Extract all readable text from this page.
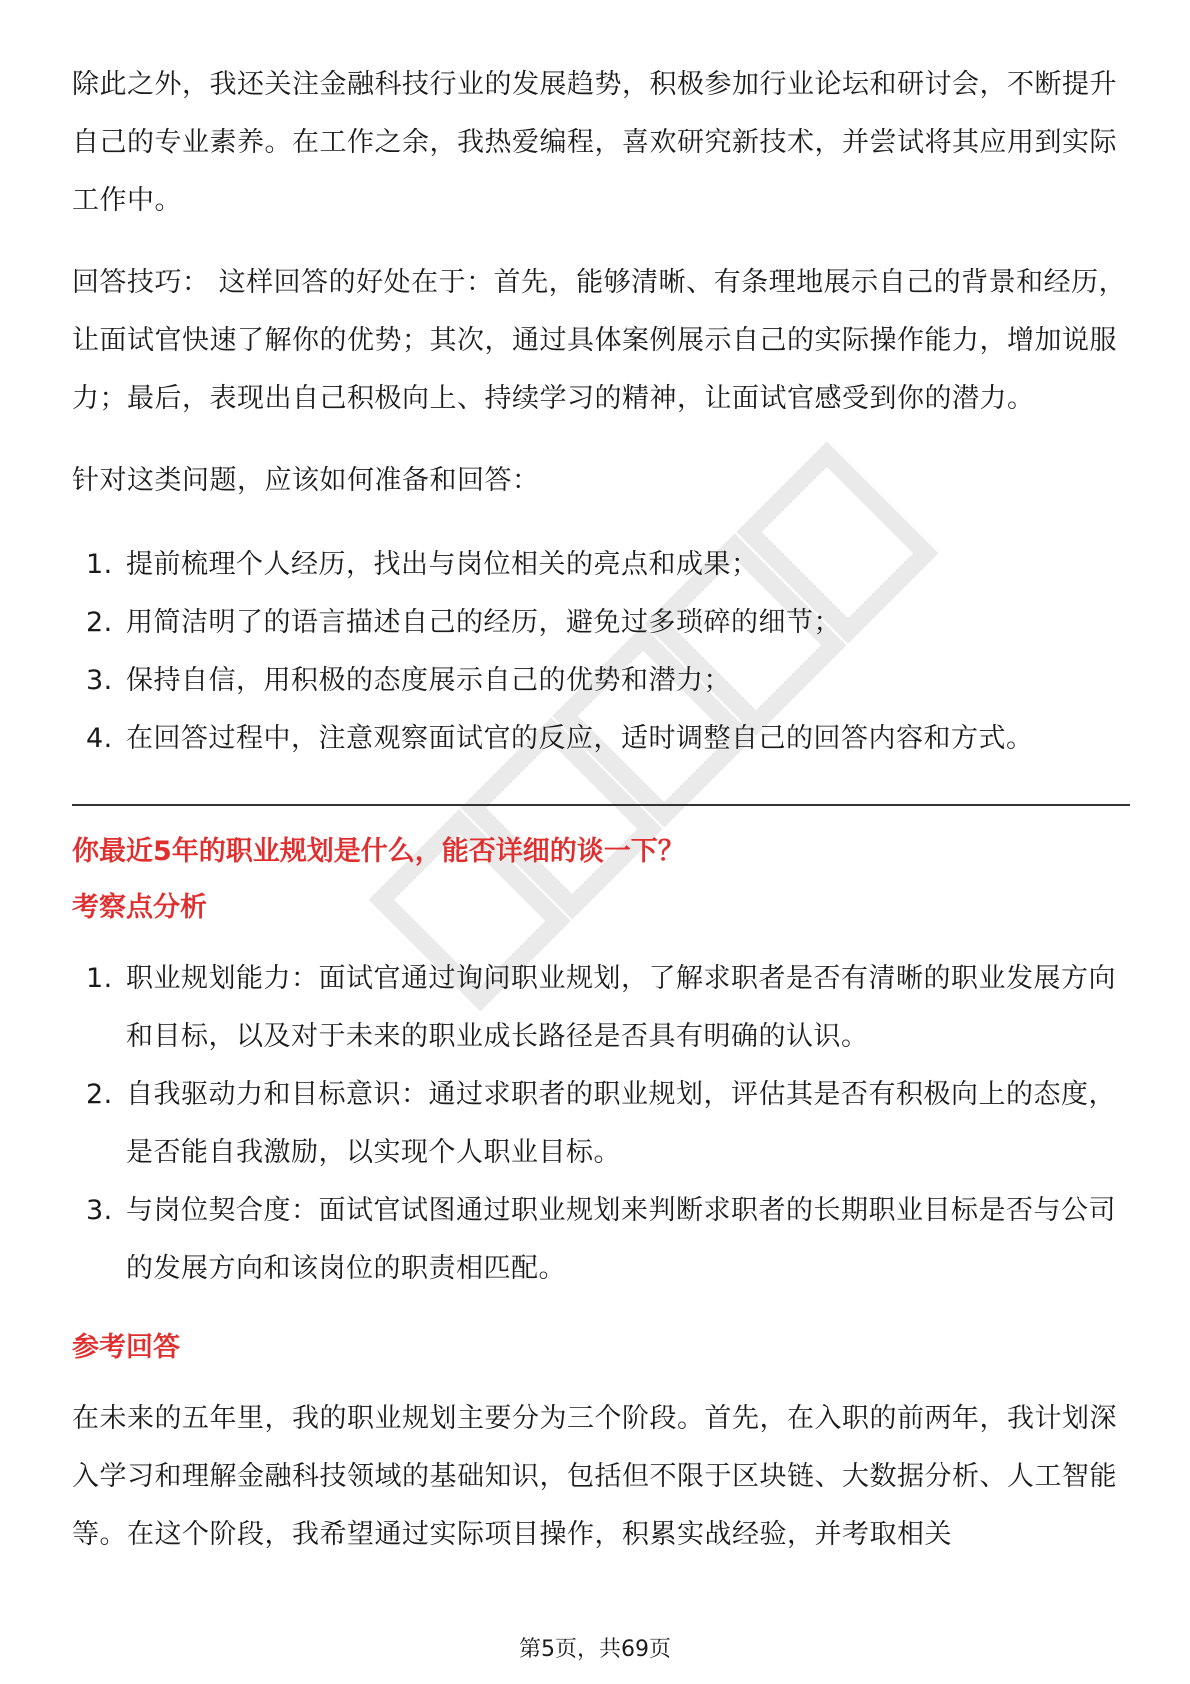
除此之外，我还关注金融科技行业的发展趋势，积极参加行业论坛和研讨会，不断提升自己的专业素养。在工作之余，我热爱编程，喜欢研究新技术，并尝试将其应用到实际工作中。

回答技巧： 这样回答的好处在于：首先，能够清晰、有条理地展示自己的背景和经历，让面试官快速了解你的优势；其次，通过具体案例展示自己的实际操作能力，增加说服力；最后，表现出自己积极向上、持续学习的精神，让面试官感受到你的潜力。

针对这类问题，应该如何准备和回答：

1. 提前梳理个人经历，找出与岗位相关的亮点和成果；
2. 用简洁明了的语言描述自己的经历，避免过多琐碎的细节；
3. 保持自信，用积极的态度展示自己的优势和潜力；
4. 在回答过程中，注意观察面试官的反应，适时调整自己的回答内容和方式。

你最近5年的职业规划是什么，能否详细的谈一下？

考察点分析

1. 职业规划能力：面试官通过询问职业规划，了解求职者是否有清晰的职业发展方向和目标，以及对于未来的职业成长路径是否具有明确的认识。
2. 自我驱动力和目标意识：通过求职者的职业规划，评估其是否有积极向上的态度，是否能自我激励，以实现个人职业目标。
3. 与岗位契合度：面试官试图通过职业规划来判断求职者的长期职业目标是否与公司的发展方向和该岗位的职责相匹配。

参考回答

在未来的五年里，我的职业规划主要分为三个阶段。首先，在入职的前两年，我计划深入学习和理解金融科技领域的基础知识，包括但不限于区块链、大数据分析、人工智能等。在这个阶段，我希望通过实际项目操作，积累实战经验，并考取相关

第5页，共69页
